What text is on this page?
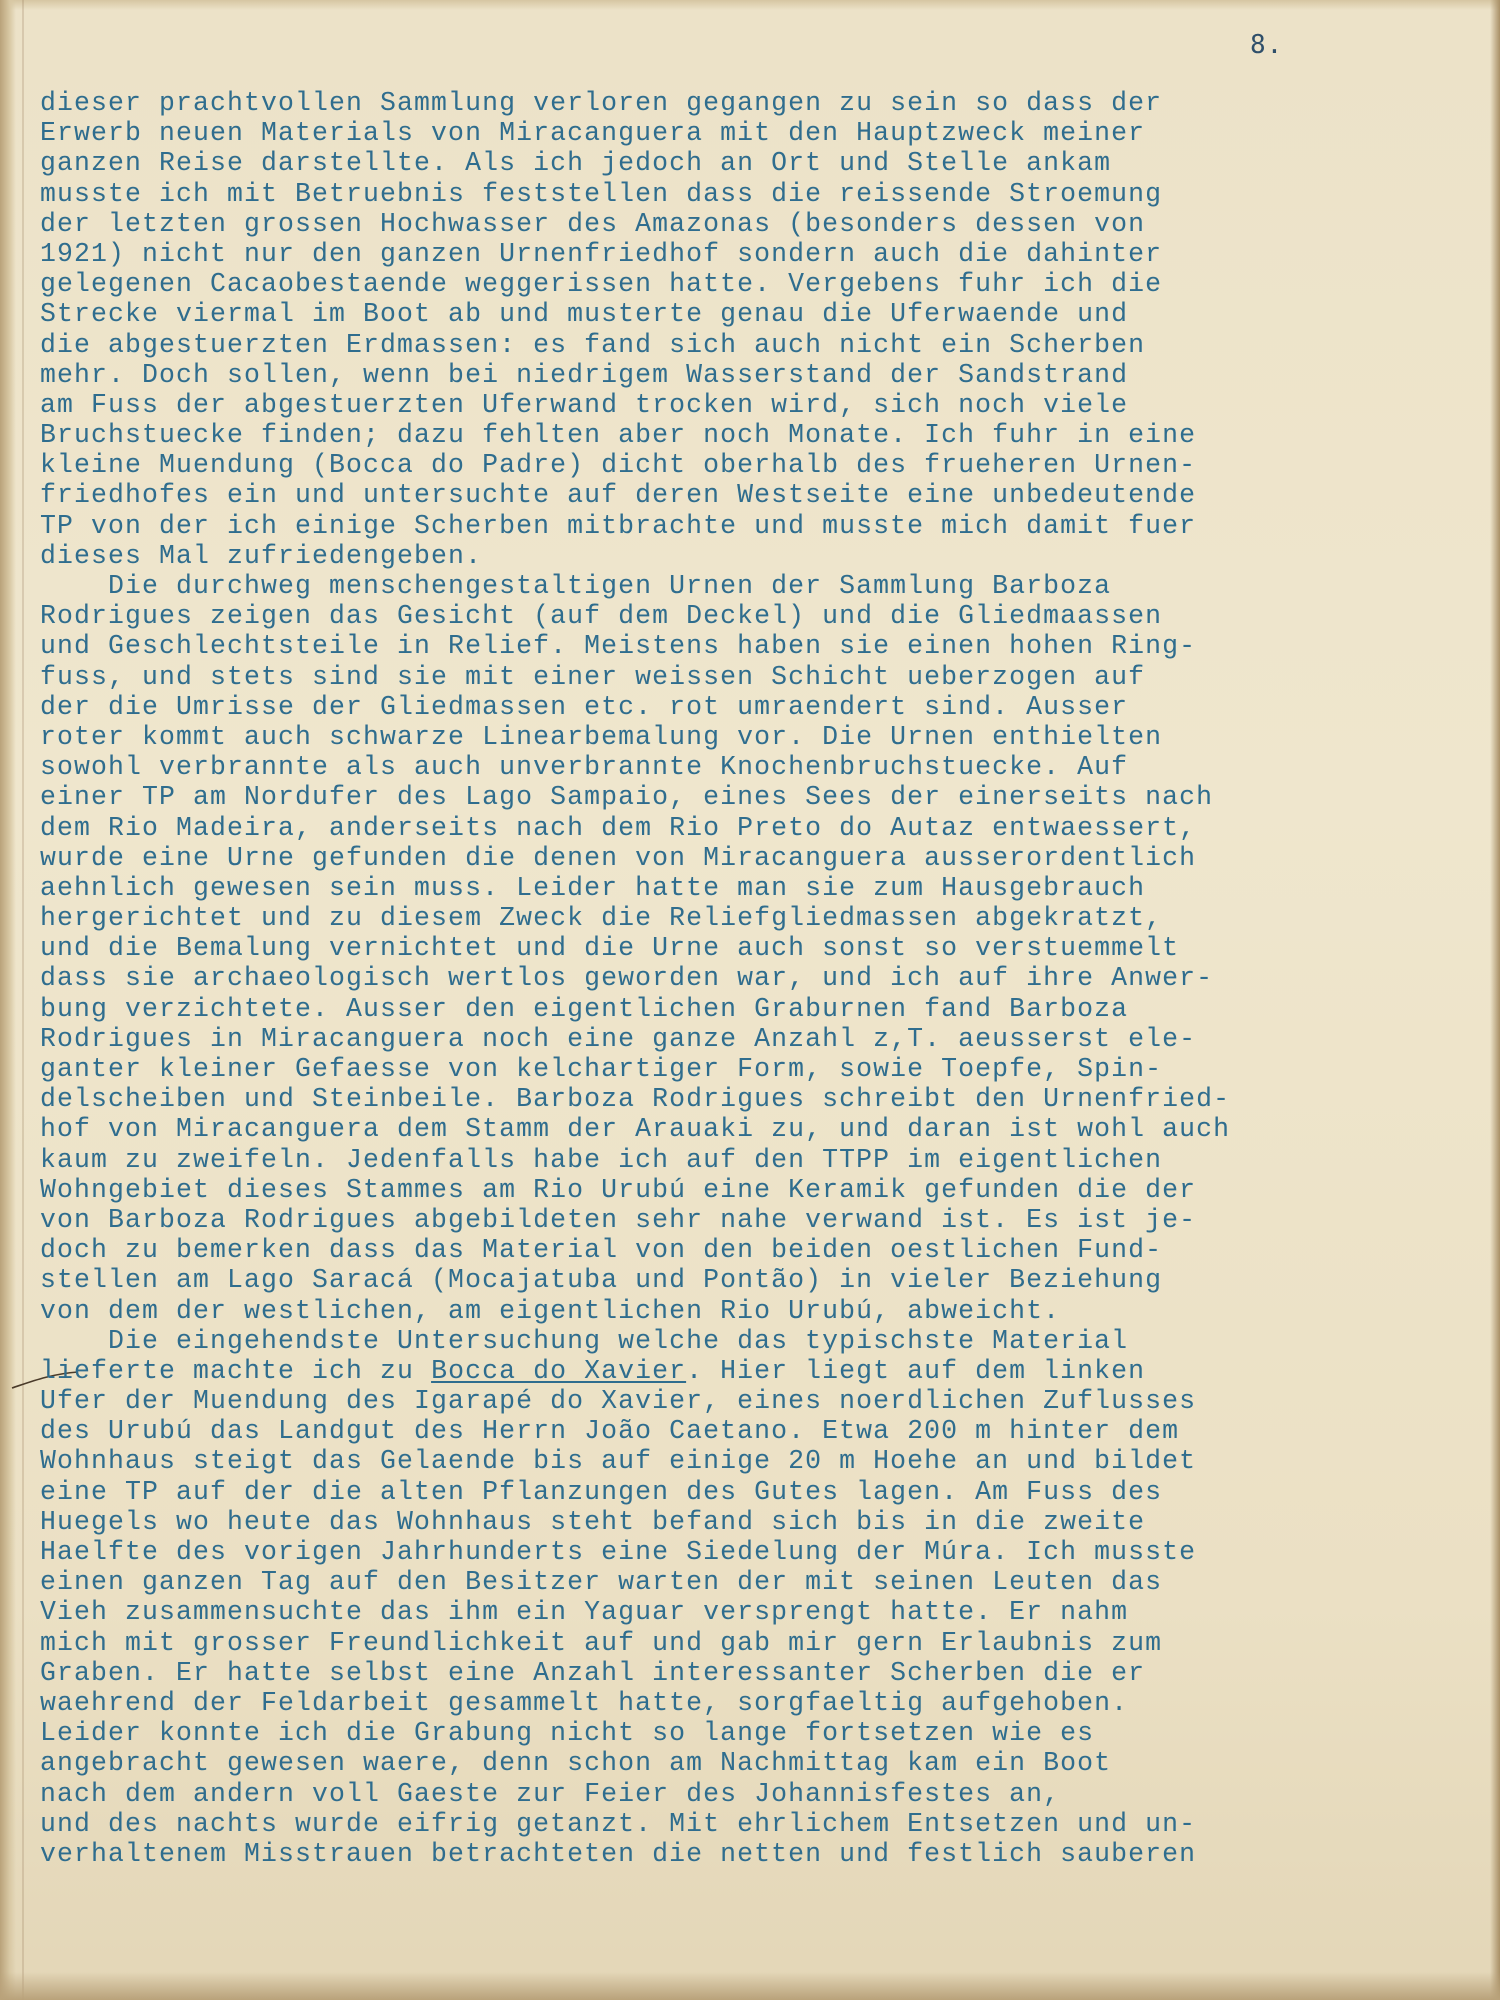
8.
dieser prachtvollen Sammlung verloren gegangen zu sein so dass der
Erwerb neuen Materials von Miracanguera mit den Hauptzweck meiner
ganzen Reise darstellte. Als ich jedoch an Ort und Stelle ankam
musste ich mit Betruebnis feststellen dass die reissende Stroemung
der letzten grossen Hochwasser des Amazonas (besonders dessen von
1921) nicht nur den ganzen Urnenfriedhof sondern auch die dahinter
gelegenen Cacaobestaende weggerissen hatte. Vergebens fuhr ich die
Strecke viermal im Boot ab und musterte genau die Uferwaende und
die abgestuerzten Erdmassen: es fand sich auch nicht ein Scherben
mehr. Doch sollen, wenn bei niedrigem Wasserstand der Sandstrand
am Fuss der abgestuerzten Uferwand trocken wird, sich noch viele
Bruchstuecke finden; dazu fehlten aber noch Monate. Ich fuhr in eine
kleine Muendung (Bocca do Padre) dicht oberhalb des frueheren Urnen-
friedhofes ein und untersuchte auf deren Westseite eine unbedeutende
TP von der ich einige Scherben mitbrachte und musste mich damit fuer
dieses Mal zufriedengeben.
Die durchweg menschengestaltigen Urnen der Sammlung Barboza
Rodrigues zeigen das Gesicht (auf dem Deckel) und die Gliedmaassen
und Geschlechtsteile in Relief. Meistens haben sie einen hohen Ring-
fuss, und stets sind sie mit einer weissen Schicht ueberzogen auf
der die Umrisse der Gliedmassen etc. rot umraendert sind. Ausser
roter kommt auch schwarze Linearbemalung vor. Die Urnen enthielten
sowohl verbrannte als auch unverbrannte Knochenbruchstuecke. Auf
einer TP am Nordufer des Lago Sampaio, eines Sees der einerseits nach
dem Rio Madeira, anderseits nach dem Rio Preto do Autaz entwaessert,
wurde eine Urne gefunden die denen von Miracanguera ausserordentlich
aehnlich gewesen sein muss. Leider hatte man sie zum Hausgebrauch
hergerichtet und zu diesem Zweck die Reliefgliedmassen abgekratzt,
und die Bemalung vernichtet und die Urne auch sonst so verstuemmelt
dass sie archaeologisch wertlos geworden war, und ich auf ihre Anwer-
bung verzichtete. Ausser den eigentlichen Graburnen fand Barboza
Rodrigues in Miracanguera noch eine ganze Anzahl z,T. aeusserst ele-
ganter kleiner Gefaesse von kelchartiger Form, sowie Toepfe, Spin-
delscheiben und Steinbeile. Barboza Rodrigues schreibt den Urnenfried-
hof von Miracanguera dem Stamm der Arauaki zu, und daran ist wohl auch
kaum zu zweifeln. Jedenfalls habe ich auf den TTPP im eigentlichen
Wohngebiet dieses Stammes am Rio Urubú eine Keramik gefunden die der
von Barboza Rodrigues abgebildeten sehr nahe verwand ist. Es ist je-
doch zu bemerken dass das Material von den beiden oestlichen Fund-
stellen am Lago Saracá (Mocajatuba und Pontão) in vieler Beziehung
von dem der westlichen, am eigentlichen Rio Urubú, abweicht.
Die eingehendste Untersuchung welche das typischste Material
lieferte machte ich zu Bocca do Xavier. Hier liegt auf dem linken
Ufer der Muendung des Igarapé do Xavier, eines noerdlichen Zuflusses
des Urubú das Landgut des Herrn João Caetano. Etwa 200 m hinter dem
Wohnhaus steigt das Gelaende bis auf einige 20 m Hoehe an und bildet
eine TP auf der die alten Pflanzungen des Gutes lagen. Am Fuss des
Huegels wo heute das Wohnhaus steht befand sich bis in die zweite
Haelfte des vorigen Jahrhunderts eine Siedelung der Múra. Ich musste
einen ganzen Tag auf den Besitzer warten der mit seinen Leuten das
Vieh zusammensuchte das ihm ein Yaguar versprengt hatte. Er nahm
mich mit grosser Freundlichkeit auf und gab mir gern Erlaubnis zum
Graben. Er hatte selbst eine Anzahl interessanter Scherben die er
waehrend der Feldarbeit gesammelt hatte, sorgfaeltig aufgehoben.
Leider konnte ich die Grabung nicht so lange fortsetzen wie es
angebracht gewesen waere, denn schon am Nachmittag kam ein Boot
nach dem andern voll Gaeste zur Feier des Johannisfestes an,
und des nachts wurde eifrig getanzt. Mit ehrlichem Entsetzen und un-
verhaltenem Misstrauen betrachteten die netten und festlich sauberen
